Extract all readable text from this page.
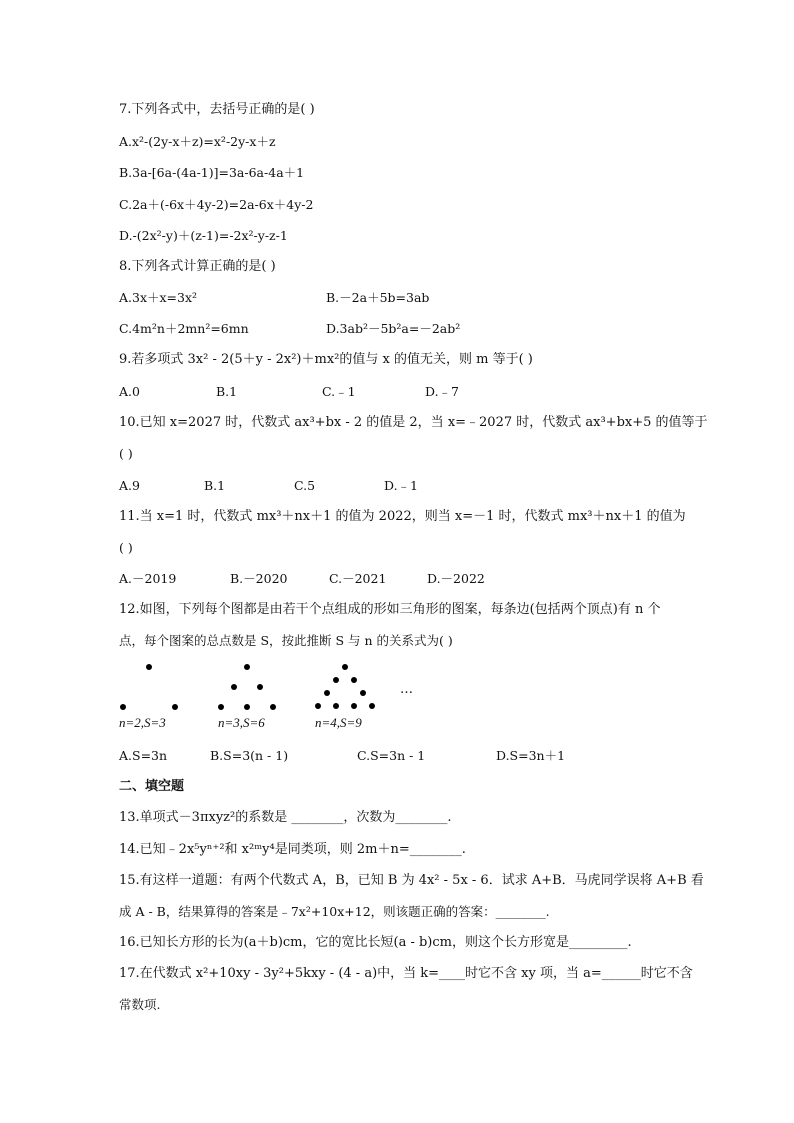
7.下列各式中，去括号正确的是( )
A.x²-(2y-x＋z)=x²-2y-x＋z
B.3a-[6a-(4a-1)]=3a-6a-4a＋1
C.2a＋(-6x＋4y-2)=2a-6x＋4y-2
D.-(2x²-y)＋(z-1)=-2x²-y-z-1
8.下列各式计算正确的是( )
A.3x＋x=3x²	B.－2a＋5b=3ab
C.4m²n＋2mn²=6mn	D.3ab²－5b²a=－2ab²
9.若多项式 3x² - 2(5＋y - 2x²)＋mx²的值与 x 的值无关，则 m 等于( )
A.0	B.1	C.﹣1	D.﹣7
10.已知 x=2027 时，代数式 ax³+bx - 2 的值是 2，当 x=﹣2027 时，代数式 ax³+bx+5 的值等于
( )
A.9	B.1	C.5	D.﹣1
11.当 x=1 时，代数式 mx³＋nx＋1 的值为 2022，则当 x=－1 时，代数式 mx³＋nx＋1 的值为
( )
A.－2019	B.－2020	C.－2021	D.－2022
12.如图，下列每个图都是由若干个点组成的形如三角形的图案，每条边(包括两个顶点)有 n 个
点，每个图案的总点数是 S，按此推断 S 与 n 的关系式为( )
…
n=2,S=3	n=3,S=6	n=4,S=9
A.S=3n	B.S=3(n - 1)	C.S=3n - 1	D.S=3n＋1
二、填空题
13.单项式－3πxyz²的系数是 ________，次数为________.
14.已知﹣2x⁵yⁿ⁺²和 x²ᵐy⁴是同类项，则 2m＋n=________.
15.有这样一道题：有两个代数式 A，B，已知 B 为 4x² - 5x - 6．试求 A+B．马虎同学误将 A+B 看
成 A - B，结果算得的答案是﹣7x²+10x+12，则该题正确的答案：________.
16.已知长方形的长为(a＋b)cm，它的宽比长短(a - b)cm，则这个长方形宽是_________.
17.在代数式 x²+10xy - 3y²+5kxy - (4 - a)中，当 k=____时它不含 xy 项，当 a=______时它不含
常数项.
